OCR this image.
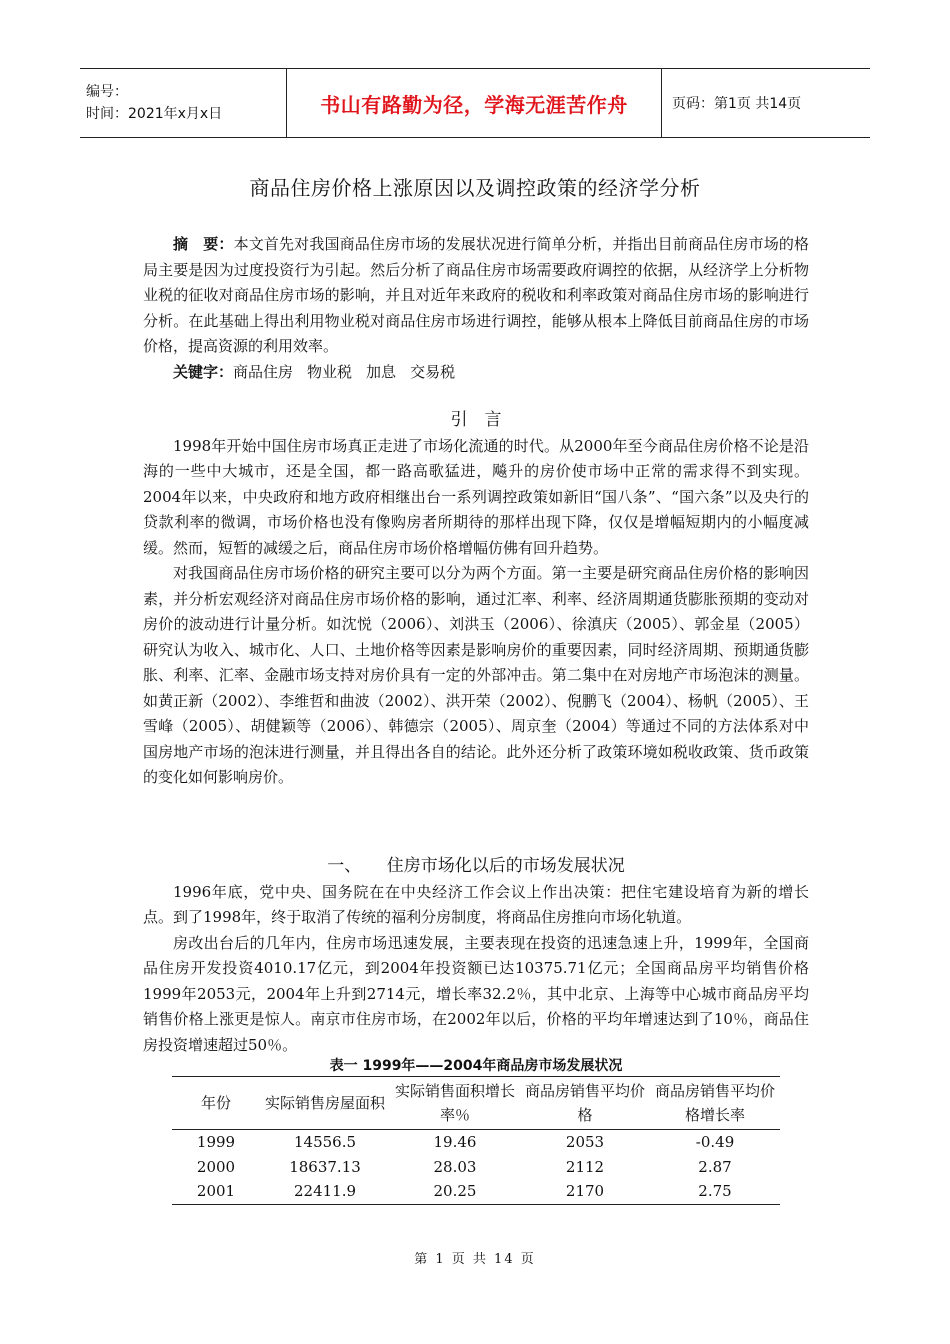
编号：
时间：2021年x月x日	书山有路勤为径，学海无涯苦作舟	页码：第1页 共14页
商品住房价格上涨原因以及调控政策的经济学分析

摘　要：本文首先对我国商品住房市场的发展状况进行简单分析，并指出目前商品住房市场的格局主要是因为过度投资行为引起。然后分析了商品住房市场需要政府调控的依据，从经济学上分析物业税的征收对商品住房市场的影响，并且对近年来政府的税收和利率政策对商品住房市场的影响进行分析。在此基础上得出利用物业税对商品住房市场进行调控，能够从根本上降低目前商品住房的市场价格，提高资源的利用效率。

关键字：商品住房 物业税 加息 交易税

引　言

1998年开始中国住房市场真正走进了市场化流通的时代。从2000年至今商品住房价格不论是沿海的一些中大城市，还是全国，都一路高歌猛进，飚升的房价使市场中正常的需求得不到实现。2004年以来，中央政府和地方政府相继出台一系列调控政策如新旧“国八条”、“国六条”以及央行的贷款利率的微调，市场价格也没有像购房者所期待的那样出现下降，仅仅是增幅短期内的小幅度减缓。然而，短暂的减缓之后，商品住房市场价格增幅仿佛有回升趋势。

对我国商品住房市场价格的研究主要可以分为两个方面。第一主要是研究商品住房价格的影响因素，并分析宏观经济对商品住房市场价格的影响，通过汇率、利率、经济周期通货膨胀预期的变动对房价的波动进行计量分析。如沈悦（2006）、刘洪玉（2006）、徐滇庆（2005）、郭金星（2005）研究认为收入、城市化、人口、土地价格等因素是影响房价的重要因素，同时经济周期、预期通货膨胀、利率、汇率、金融市场支持对房价具有一定的外部冲击。第二集中在对房地产市场泡沫的测量。如黄正新（2002）、李维哲和曲波（2002）、洪开荣（2002）、倪鹏飞（2004）、杨帆（2005）、王雪峰（2005）、胡健颖等（2006）、韩德宗（2005）、周京奎（2004）等通过不同的方法体系对中国房地产市场的泡沫进行测量，并且得出各自的结论。此外还分析了政策环境如税收政策、货币政策的变化如何影响房价。

一、　　住房市场化以后的市场发展状况

1996年底，党中央、国务院在在中央经济工作会议上作出决策：把住宅建设培育为新的增长点。到了1998年，终于取消了传统的福利分房制度，将商品住房推向市场化轨道。

房改出台后的几年内，住房市场迅速发展，主要表现在投资的迅速急速上升，1999年，全国商品住房开发投资4010.17亿元，到2004年投资额已达10375.71亿元；全国商品房平均销售价格1999年2053元，2004年上升到2714元，增长率32.2％，其中北京、上海等中心城市商品房平均销售价格上涨更是惊人。南京市住房市场，在2002年以后，价格的平均年增速达到了10％，商品住房投资增速超过50％。

表一 1999年——2004年商品房市场发展状况
年份	实际销售房屋面积	实际销售面积增长率％	商品房销售平均价格	商品房销售平均价格增长率
1999	14556.5	19.46	2053	-0.49
2000	18637.13	28.03	2112	2.87
2001	22411.9	20.25	2170	2.75
第 1 页 共 14 页
